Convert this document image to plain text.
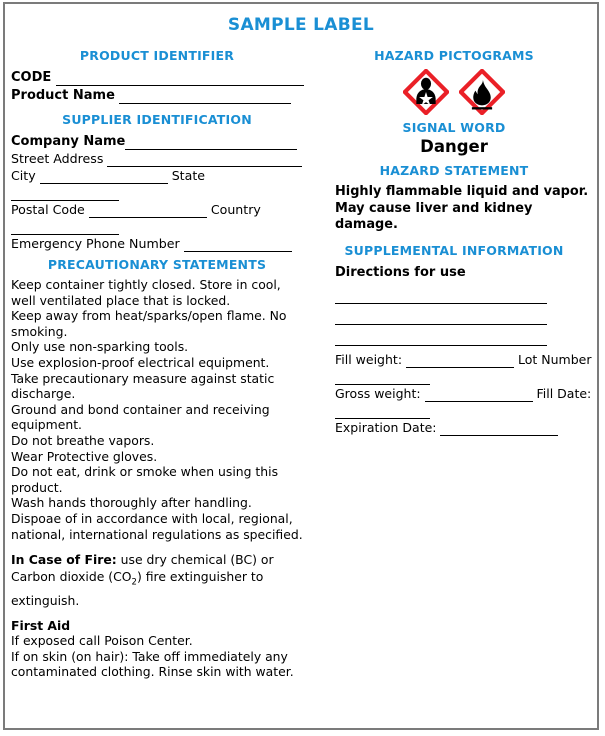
SAMPLE LABEL
PRODUCT IDENTIFIER
CODE
Product Name
SUPPLIER IDENTIFICATION
Company Name
Street Address
City	State
Postal Code	Country
Emergency Phone Number
PRECAUTIONARY STATEMENTS

Keep container tightly closed. Store in cool, well ventilated place that is locked.

Keep away from heat/sparks/open flame. No smoking.

Only use non-sparking tools.

Use explosion-proof electrical equipment.

Take precautionary measure against static discharge.

Ground and bond container and receiving equipment.

Do not breathe vapors.

Wear Protective gloves.

Do not eat, drink or smoke when using this product.

Wash hands thoroughly after handling.

Dispoae of in accordance with local, regional, national, international regulations as specified.

In Case of Fire: use dry chemical (BC) or Carbon dioxide $(CO_2)$ fire extinguisher to extinguish.

First Aid

If exposed call Poison Center.

If on skin (on hair): Take off immediately any contaminated clothing. Rinse skin with water.

HAZARD PICTOGRAMS
SIGNAL WORD
Danger
HAZARD STATEMENT
Highly flammable liquid and vapor.
May cause liver and kidney damage.
SUPPLEMENTAL INFORMATION
Directions for use
Fill weight:	Lot Number
Gross weight:	Fill Date:
Expiration Date:
